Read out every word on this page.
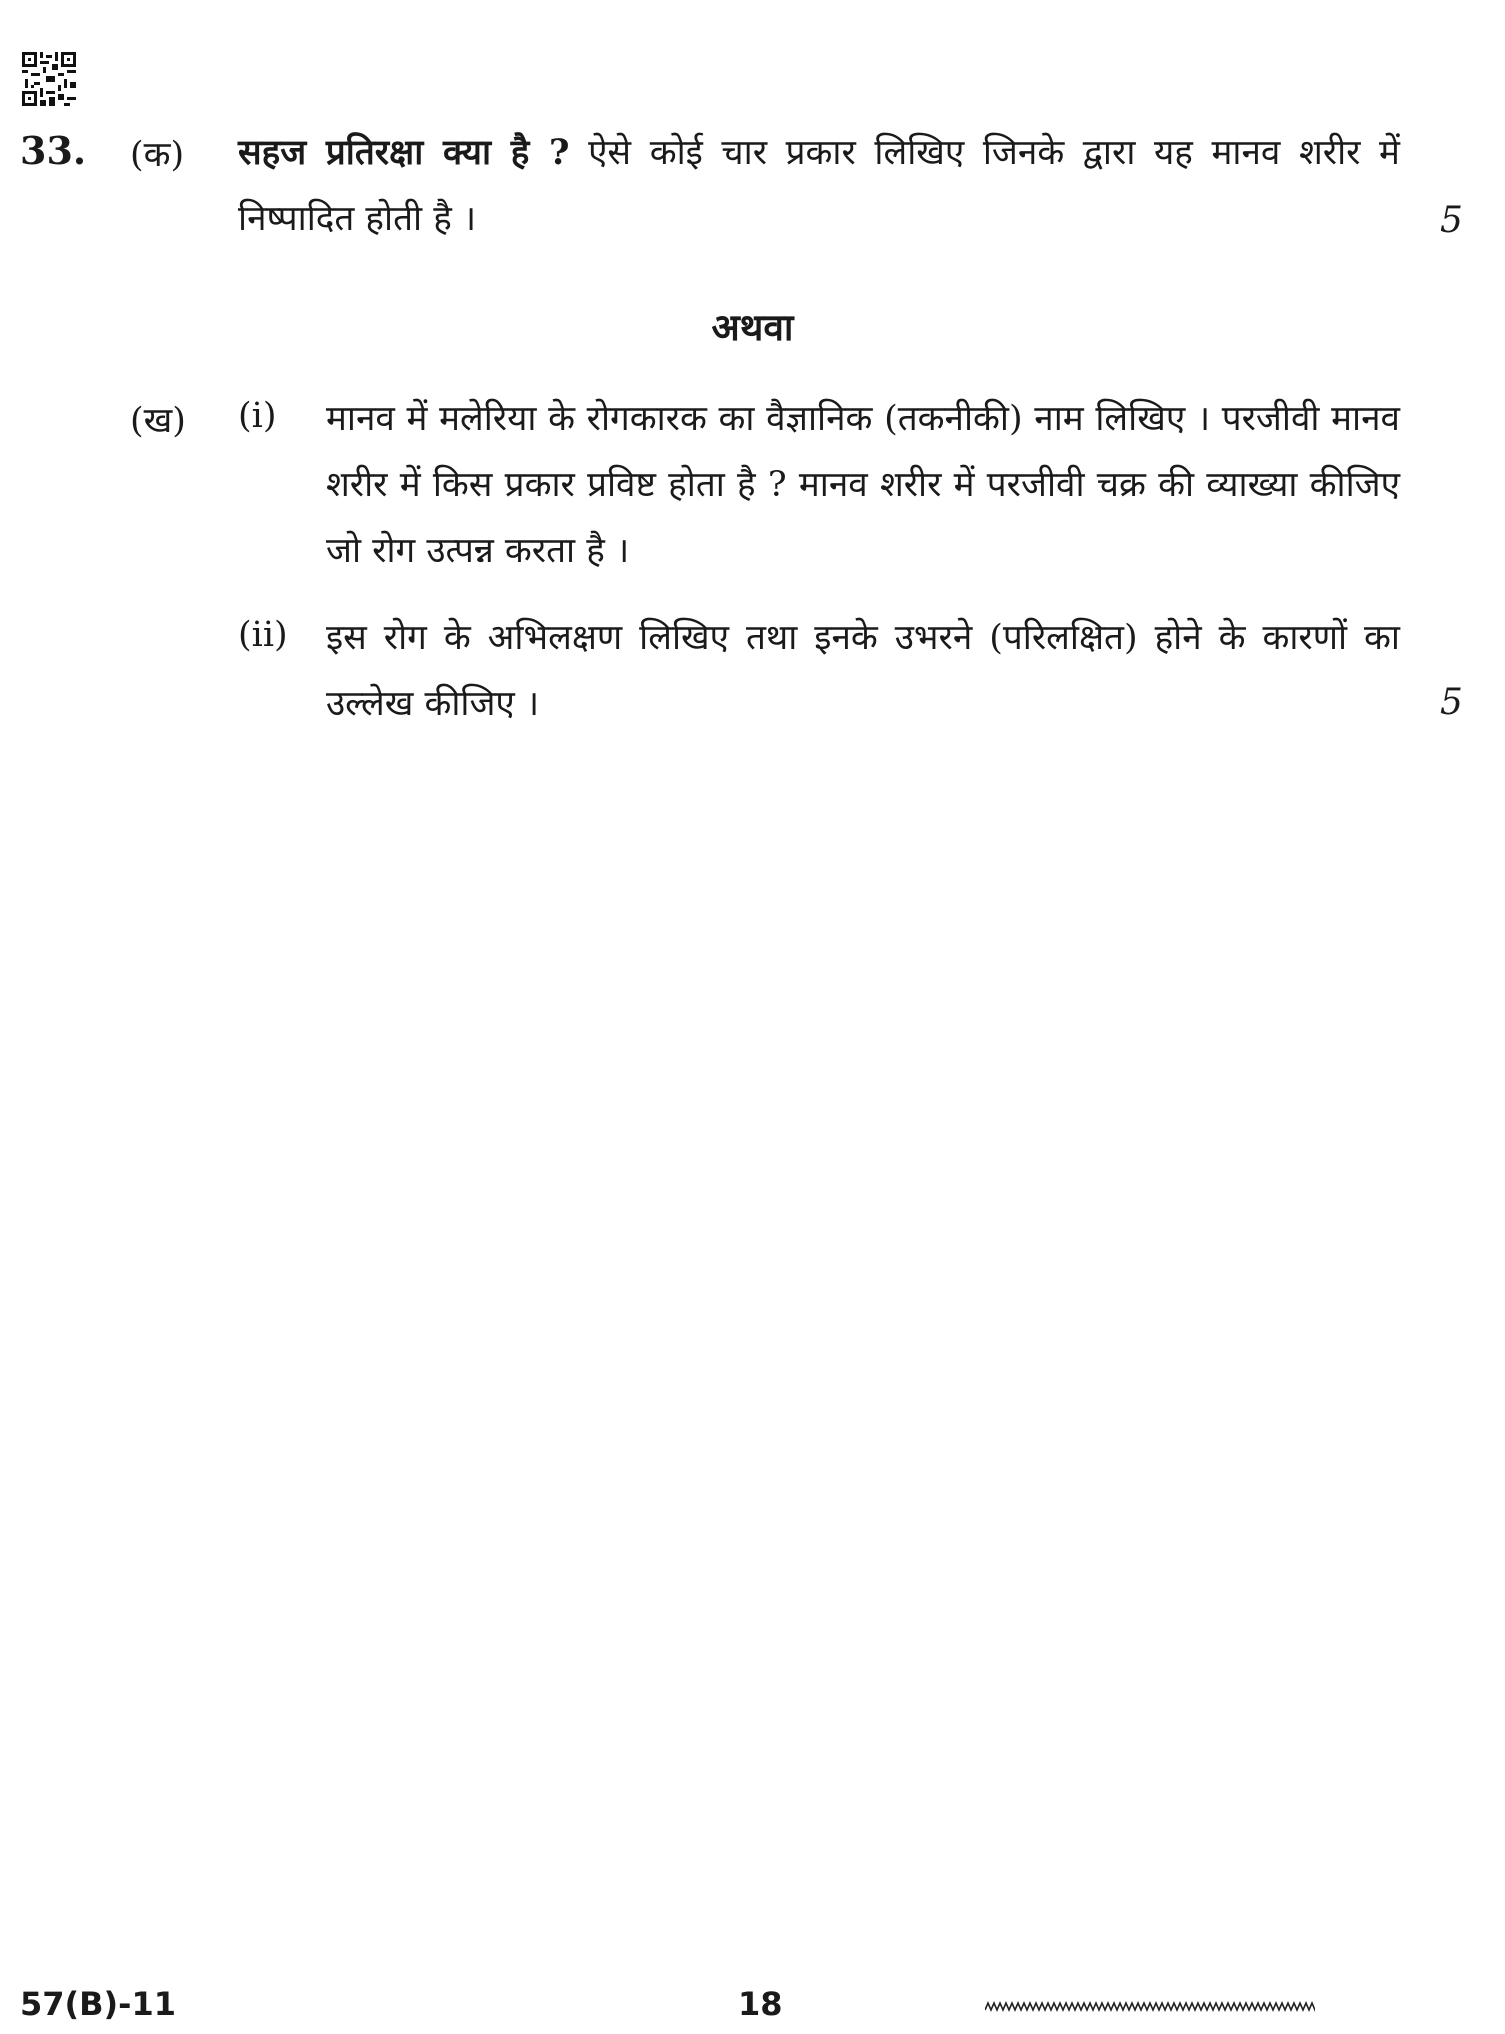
33. (क) सहज प्रतिरक्षा क्या है ? ऐसे कोई चार प्रकार लिखिए जिनके द्वारा यह मानव शरीर में निष्पादित होती है ।	5
अथवा
(ख) (i) मानव में मलेरिया के रोगकारक का वैज्ञानिक (तकनीकी) नाम लिखिए । परजीवी मानव शरीर में किस प्रकार प्रविष्ट होता है ? मानव शरीर में परजीवी चक्र की व्याख्या कीजिए जो रोग उत्पन्न करता है ।
(ii) इस रोग के अभिलक्षण लिखिए तथा इनके उभरने (परिलक्षित) होने के कारणों का उल्लेख कीजिए ।	5
57(B)-11	18
